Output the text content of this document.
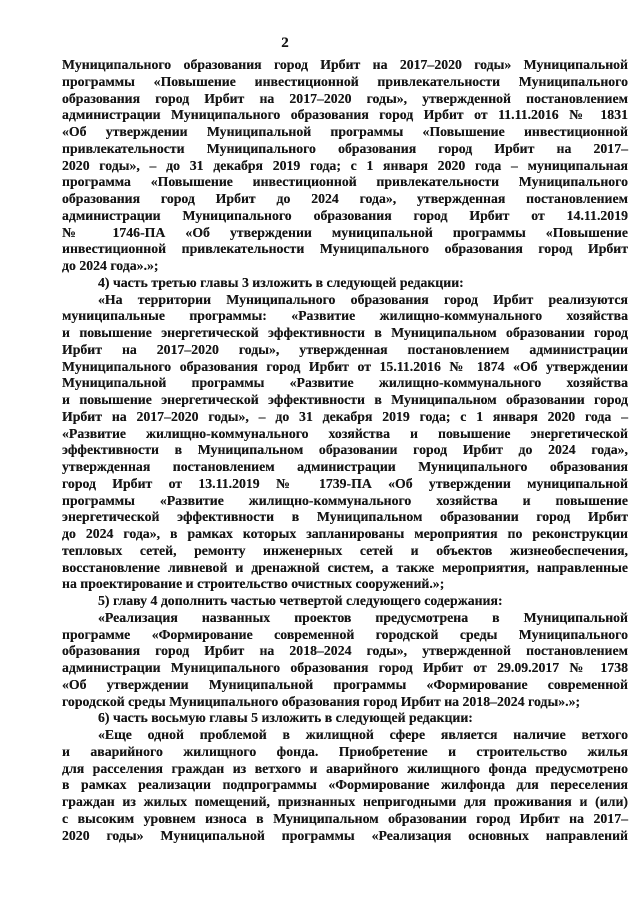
2
Муниципального образования город Ирбит на 2017–2020 годы» Муниципальной
программы «Повышение инвестиционной привлекательности Муниципального
образования город Ирбит на 2017–2020 годы», утвержденной постановлением
администрации Муниципального образования город Ирбит от 11.11.2016 № 1831
«Об утверждении Муниципальной программы «Повышение инвестиционной
привлекательности Муниципального образования город Ирбит на 2017–
2020 годы», – до 31 декабря 2019 года; с 1 января 2020 года – муниципальная
программа «Повышение инвестиционной привлекательности Муниципального
образования город Ирбит до 2024 года», утвержденная постановлением
администрации Муниципального образования город Ирбит от 14.11.2019
№ 1746-ПА «Об утверждении муниципальной программы «Повышение
инвестиционной привлекательности Муниципального образования город Ирбит
до 2024 года».»;
4) часть третью главы 3 изложить в следующей редакции:
«На территории Муниципального образования город Ирбит реализуются
муниципальные программы: «Развитие жилищно-коммунального хозяйства
и повышение энергетической эффективности в Муниципальном образовании город
Ирбит на 2017–2020 годы», утвержденная постановлением администрации
Муниципального образования город Ирбит от 15.11.2016 № 1874 «Об утверждении
Муниципальной программы «Развитие жилищно-коммунального хозяйства
и повышение энергетической эффективности в Муниципальном образовании город
Ирбит на 2017–2020 годы», – до 31 декабря 2019 года; с 1 января 2020 года –
«Развитие жилищно-коммунального хозяйства и повышение энергетической
эффективности в Муниципальном образовании город Ирбит до 2024 года»,
утвержденная постановлением администрации Муниципального образования
город Ирбит от 13.11.2019 № 1739-ПА «Об утверждении муниципальной
программы «Развитие жилищно-коммунального хозяйства и повышение
энергетической эффективности в Муниципальном образовании город Ирбит
до 2024 года», в рамках которых запланированы мероприятия по реконструкции
тепловых сетей, ремонту инженерных сетей и объектов жизнеобеспечения,
восстановление ливневой и дренажной систем, а также мероприятия, направленные
на проектирование и строительство очистных сооружений.»;
5) главу 4 дополнить частью четвертой следующего содержания:
«Реализация названных проектов предусмотрена в Муниципальной
программе «Формирование современной городской среды Муниципального
образования город Ирбит на 2018–2024 годы», утвержденной постановлением
администрации Муниципального образования город Ирбит от 29.09.2017 № 1738
«Об утверждении Муниципальной программы «Формирование современной
городской среды Муниципального образования город Ирбит на 2018–2024 годы».»;
6) часть восьмую главы 5 изложить в следующей редакции:
«Еще одной проблемой в жилищной сфере является наличие ветхого
и аварийного жилищного фонда. Приобретение и строительство жилья
для расселения граждан из ветхого и аварийного жилищного фонда предусмотрено
в рамках реализации подпрограммы «Формирование жилфонда для переселения
граждан из жилых помещений, признанных непригодными для проживания и (или)
с высоким уровнем износа в Муниципальном образовании город Ирбит на 2017–
2020 годы» Муниципальной программы «Реализация основных направлений
